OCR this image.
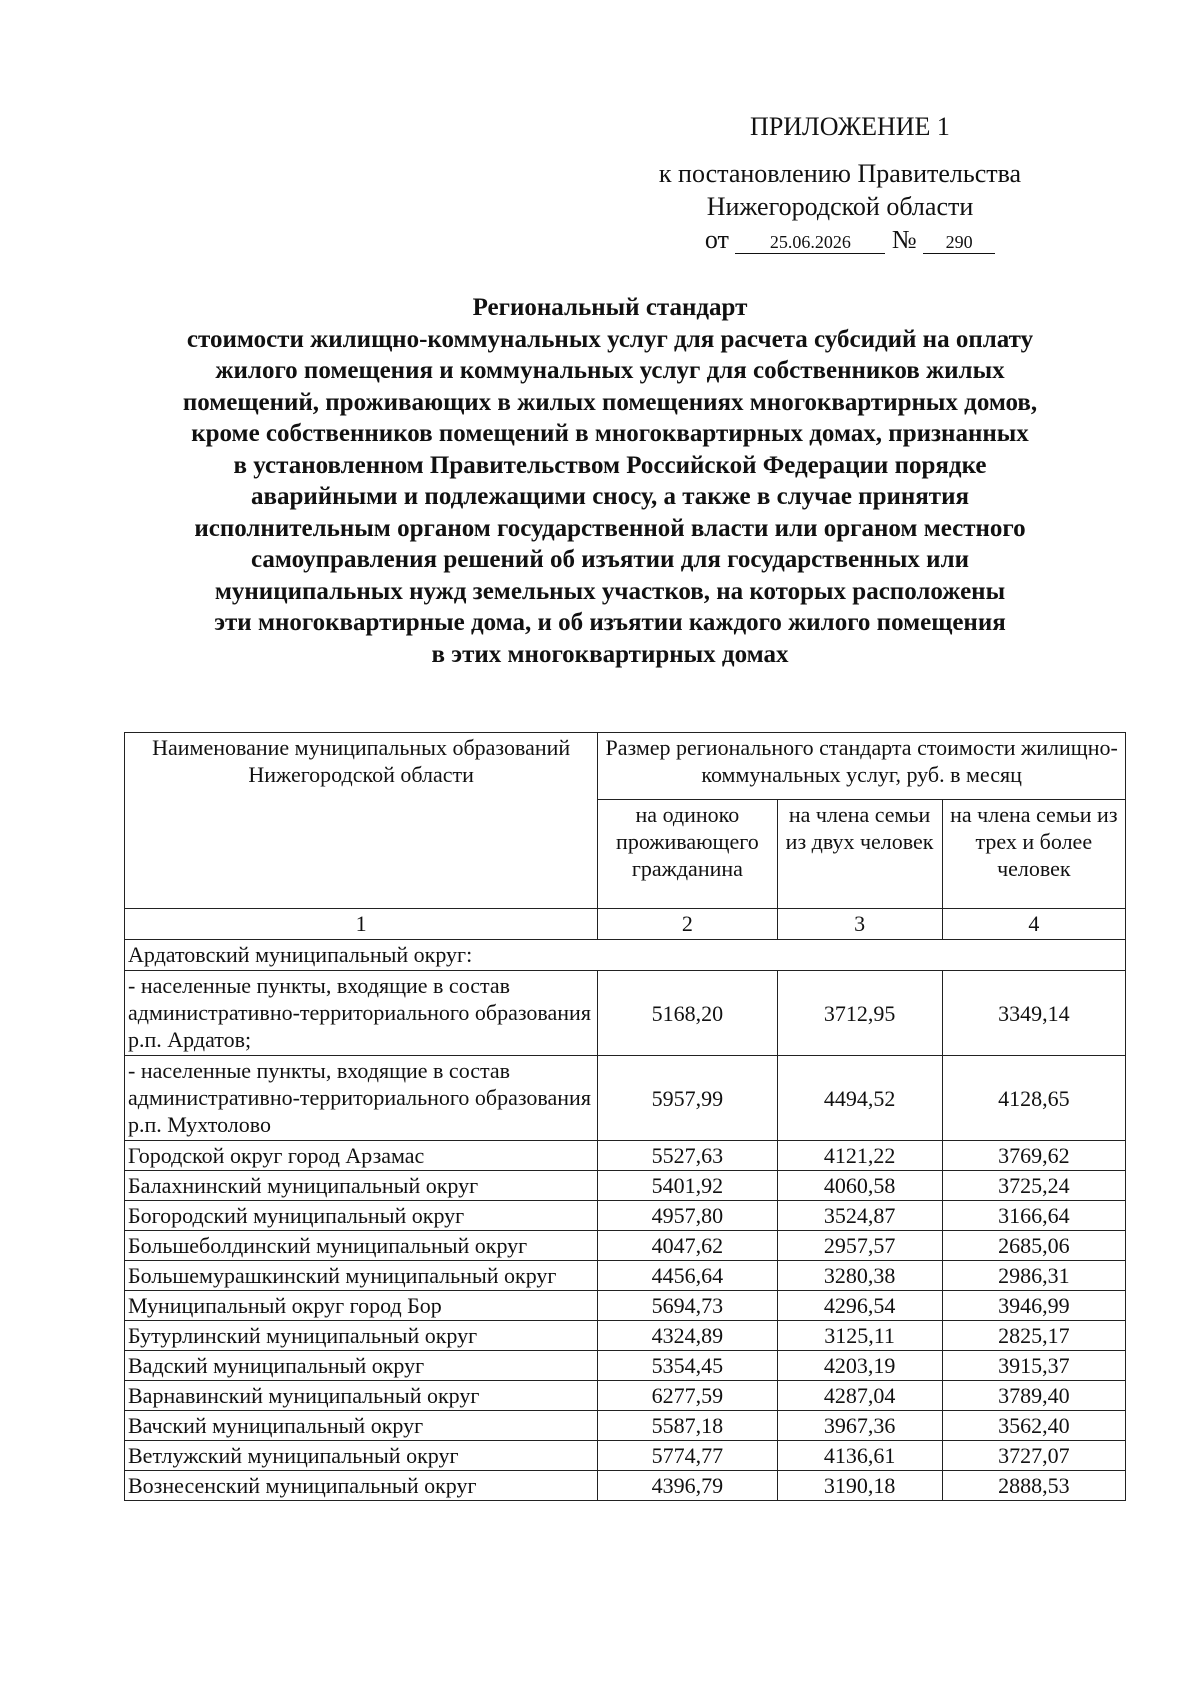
ПРИЛОЖЕНИЕ 1
к постановлению Правительства
Нижегородской области
от 25.06.2026 № 290
Региональный стандарт
стоимости жилищно-коммунальных услуг для расчета субсидий на оплату
жилого помещения и коммунальных услуг для собственников жилых
помещений, проживающих в жилых помещениях многоквартирных домов,
кроме собственников помещений в многоквартирных домах, признанных
в установленном Правительством Российской Федерации порядке
аварийными и подлежащими сносу, а также в случае принятия
исполнительным органом государственной власти или органом местного
самоуправления решений об изъятии для государственных или
муниципальных нужд земельных участков, на которых расположены
эти многоквартирные дома, и об изъятии каждого жилого помещения
в этих многоквартирных домах
Наименование муниципальных образований Нижегородской области	Размер регионального стандарта стоимости жилищно-коммунальных услуг, руб. в месяц		
	на одиноко проживающего гражданина	на члена семьи из двух человек	на члена семьи из трех и более человек
1	2	3	4
Ардатовский муниципальный округ:			
- населенные пункты, входящие в состав административно-территориального образования р.п. Ардатов;	5168,20	3712,95	3349,14
- населенные пункты, входящие в состав административно-территориального образования р.п. Мухтолово	5957,99	4494,52	4128,65
Городской округ город Арзамас	5527,63	4121,22	3769,62
Балахнинский муниципальный округ	5401,92	4060,58	3725,24
Богородский муниципальный округ	4957,80	3524,87	3166,64
Большеболдинский муниципальный округ	4047,62	2957,57	2685,06
Большемурашкинский муниципальный округ	4456,64	3280,38	2986,31
Муниципальный округ город Бор	5694,73	4296,54	3946,99
Бутурлинский муниципальный округ	4324,89	3125,11	2825,17
Вадский муниципальный округ	5354,45	4203,19	3915,37
Варнавинский муниципальный округ	6277,59	4287,04	3789,40
Вачский муниципальный округ	5587,18	3967,36	3562,40
Ветлужский муниципальный округ	5774,77	4136,61	3727,07
Вознесенский муниципальный округ	4396,79	3190,18	2888,53
